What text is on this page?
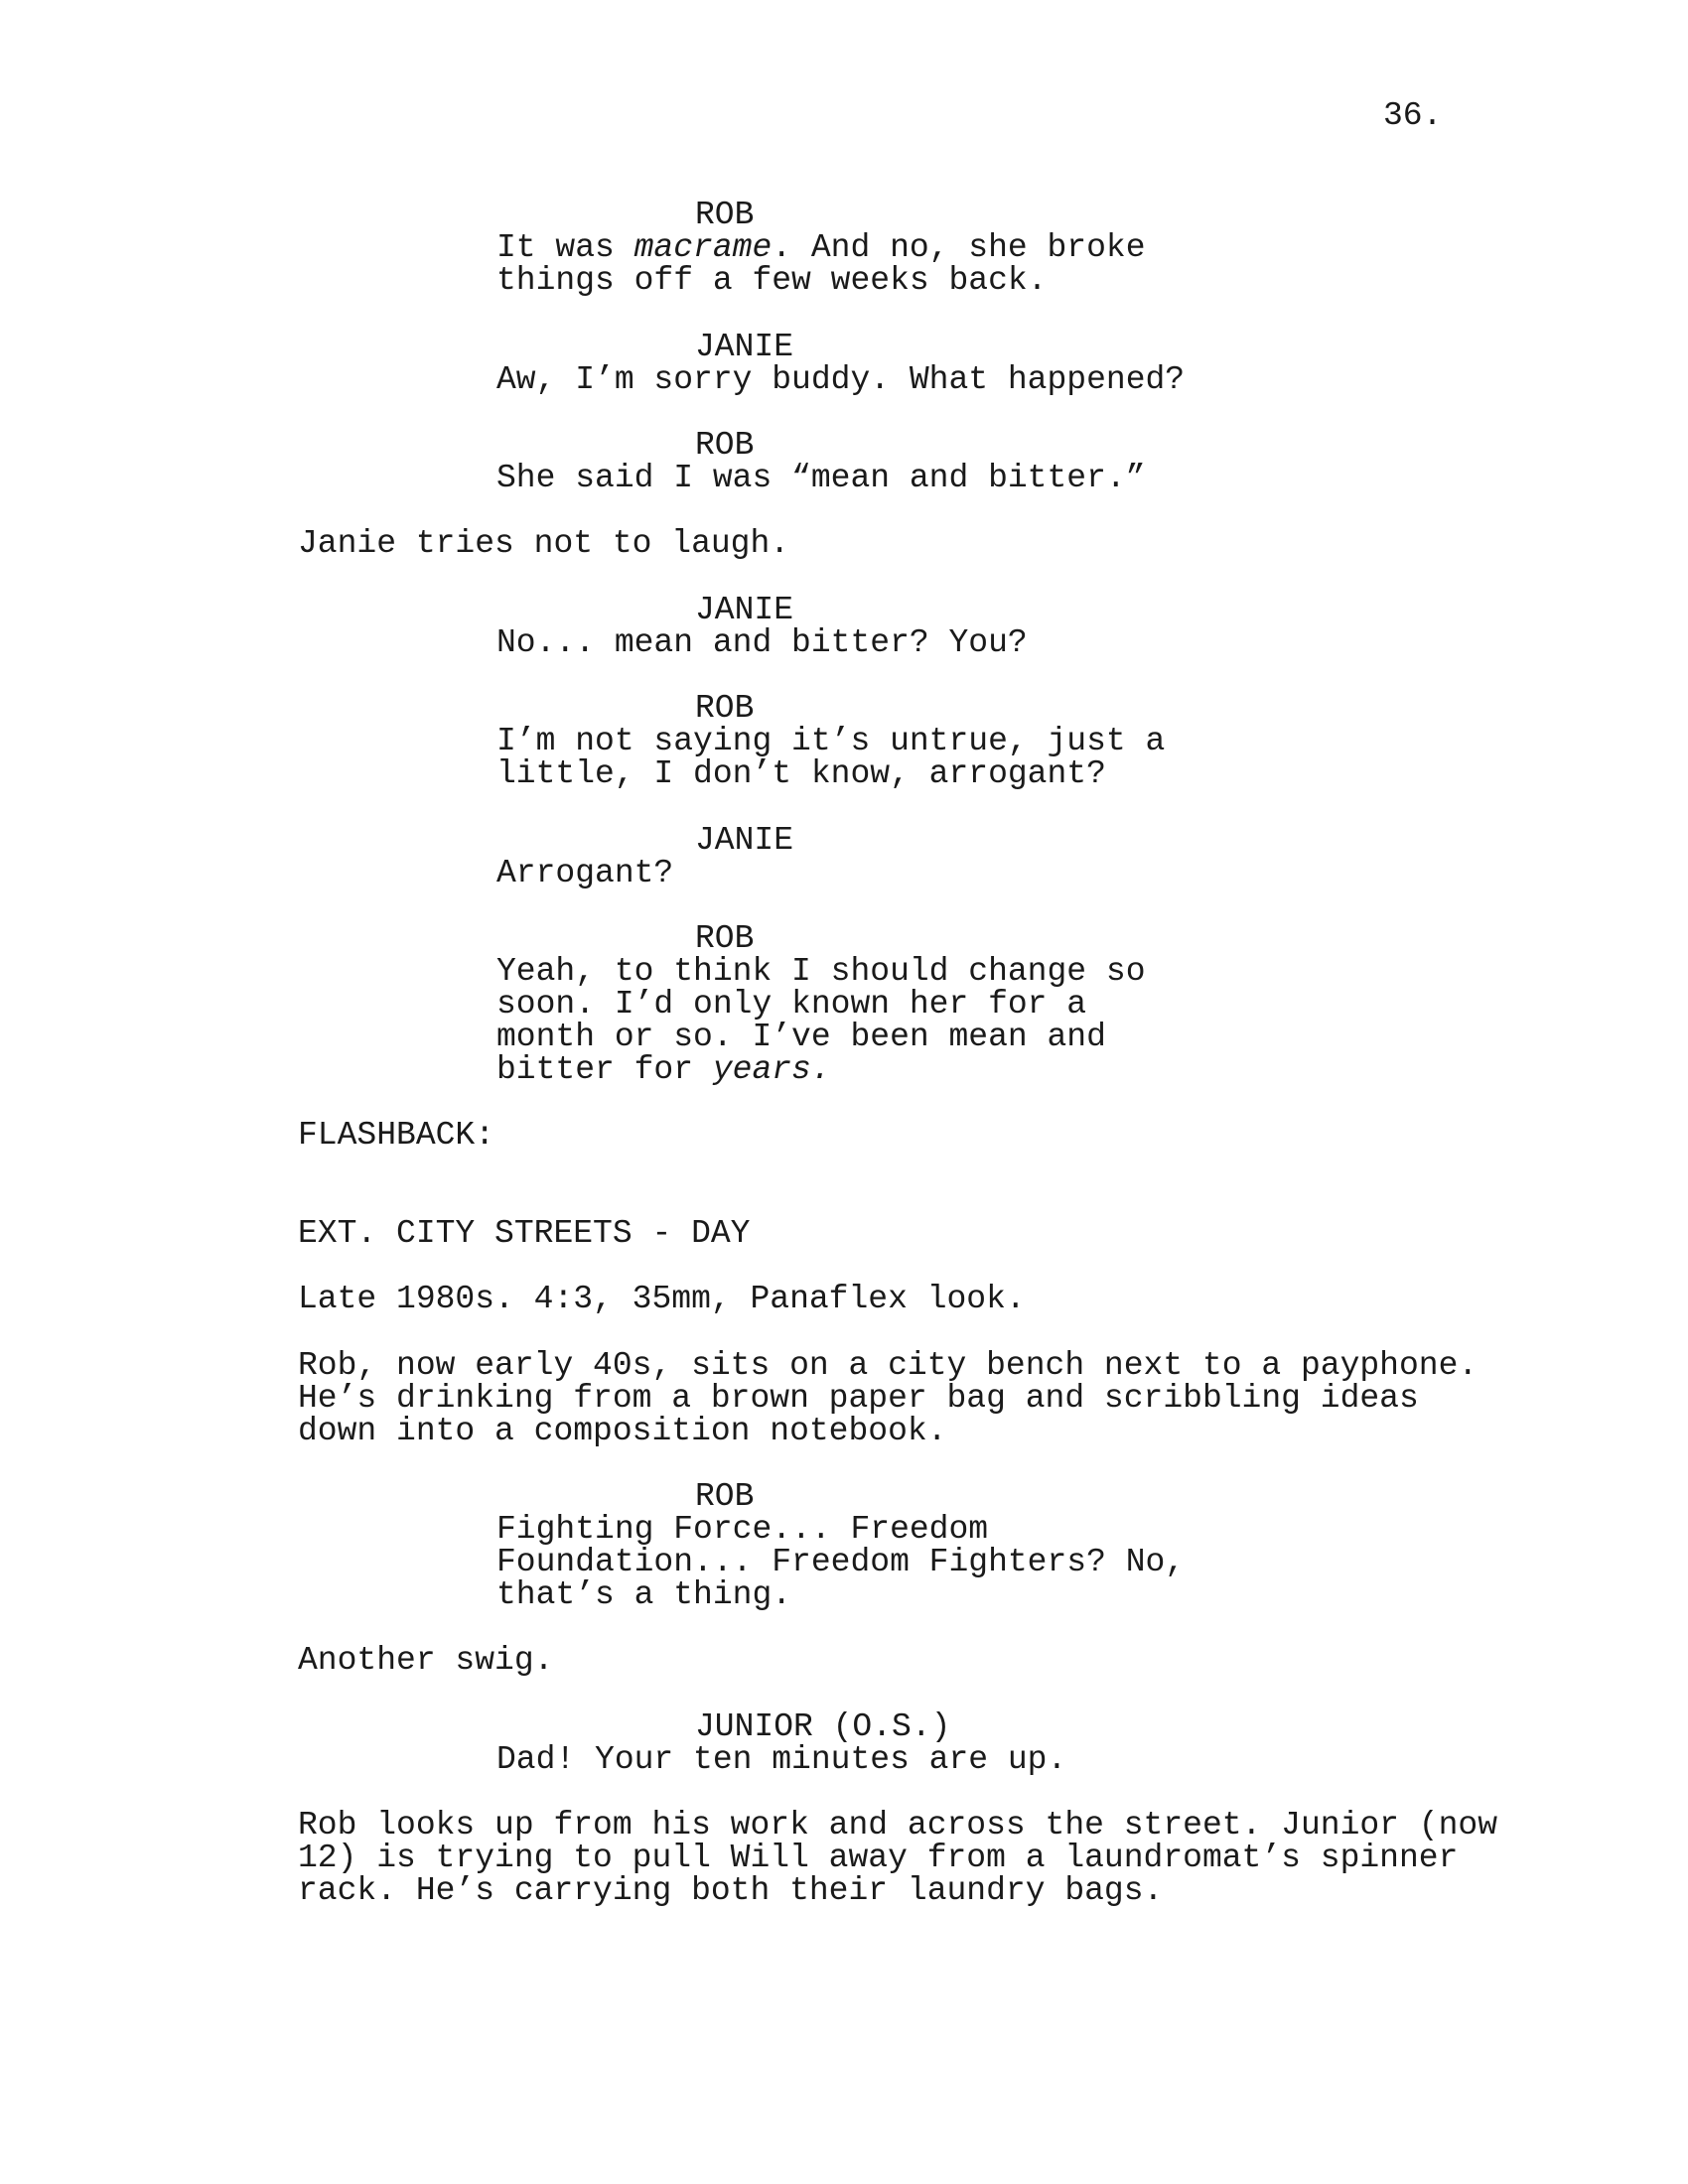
36.
ROB
It was macrame. And no, she broke
things off a few weeks back.
JANIE
Aw, I’m sorry buddy. What happened?
ROB
She said I was “mean and bitter.”
Janie tries not to laugh.
JANIE
No... mean and bitter? You?
ROB
I’m not saying it’s untrue, just a
little, I don’t know, arrogant?
JANIE
Arrogant?
ROB
Yeah, to think I should change so
soon. I’d only known her for a
month or so. I’ve been mean and
bitter for years.
FLASHBACK:
EXT. CITY STREETS - DAY
Late 1980s. 4:3, 35mm, Panaflex look.
Rob, now early 40s, sits on a city bench next to a payphone.
He’s drinking from a brown paper bag and scribbling ideas
down into a composition notebook.
ROB
Fighting Force... Freedom
Foundation... Freedom Fighters? No,
that’s a thing.
Another swig.
JUNIOR (O.S.)
Dad! Your ten minutes are up.
Rob looks up from his work and across the street. Junior (now
12) is trying to pull Will away from a laundromat’s spinner
rack. He’s carrying both their laundry bags.
